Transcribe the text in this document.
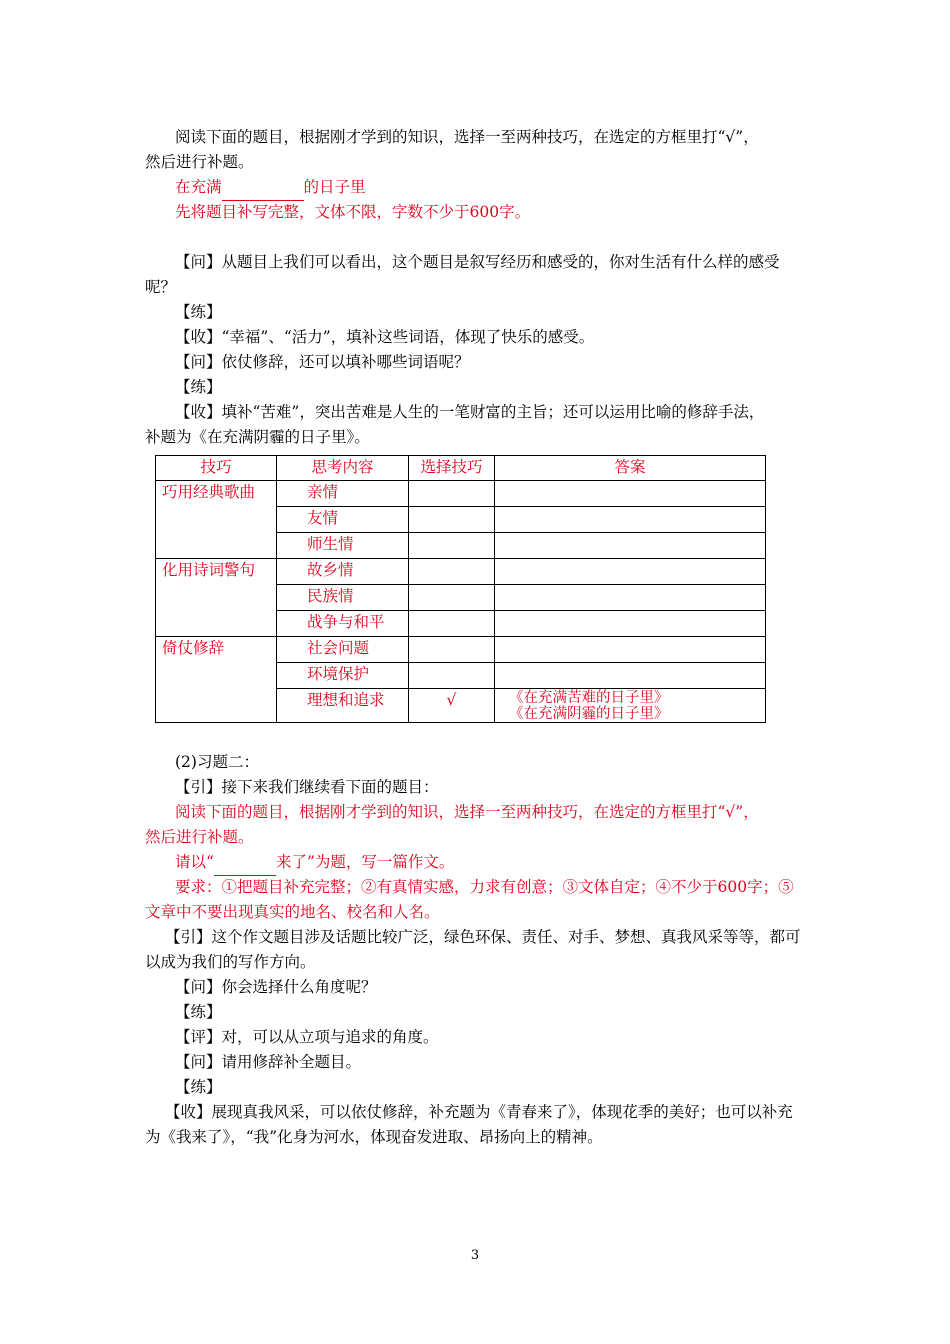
阅读下面的题目，根据刚才学到的知识，选择一至两种技巧，在选定的方框里打“√”，
然后进行补题。
在充满	的日子里
先将题目补写完整，文体不限，字数不少于600字。
【问】从题目上我们可以看出，这个题目是叙写经历和感受的，你对生活有什么样的感受
呢？
【练】
【收】“幸福”、“活力”，填补这些词语，体现了快乐的感受。
【问】依仗修辞，还可以填补哪些词语呢？
【练】
【收】填补“苦难”，突出苦难是人生的一笔财富的主旨；还可以运用比喻的修辞手法，
补题为《在充满阴霾的日子里》。
技巧	思考内容	选择技巧	答案
巧用经典歌曲	亲情		
	友情		
	师生情		
化用诗词警句	故乡情		
	民族情		
	战争与和平		
倚仗修辞	社会问题		
	环境保护		
	理想和追求	√	《在充满苦难的日子里》
《在充满阴霾的日子里》
(2)习题二：
【引】接下来我们继续看下面的题目：
阅读下面的题目，根据刚才学到的知识，选择一至两种技巧，在选定的方框里打“√”，
然后进行补题。
请以“	来了”为题，写一篇作文。
要求：①把题目补充完整；②有真情实感，力求有创意；③文体自定；④不少于600字；⑤
文章中不要出现真实的地名、校名和人名。
【引】这个作文题目涉及话题比较广泛，绿色环保、责任、对手、梦想、真我风采等等，都可
以成为我们的写作方向。
【问】你会选择什么角度呢？
【练】
【评】对，可以从立项与追求的角度。
【问】请用修辞补全题目。
【练】
【收】展现真我风采，可以依仗修辞，补充题为《青春来了》，体现花季的美好；也可以补充
为《我来了》，“我”化身为河水，体现奋发进取、昂扬向上的精神。
3
